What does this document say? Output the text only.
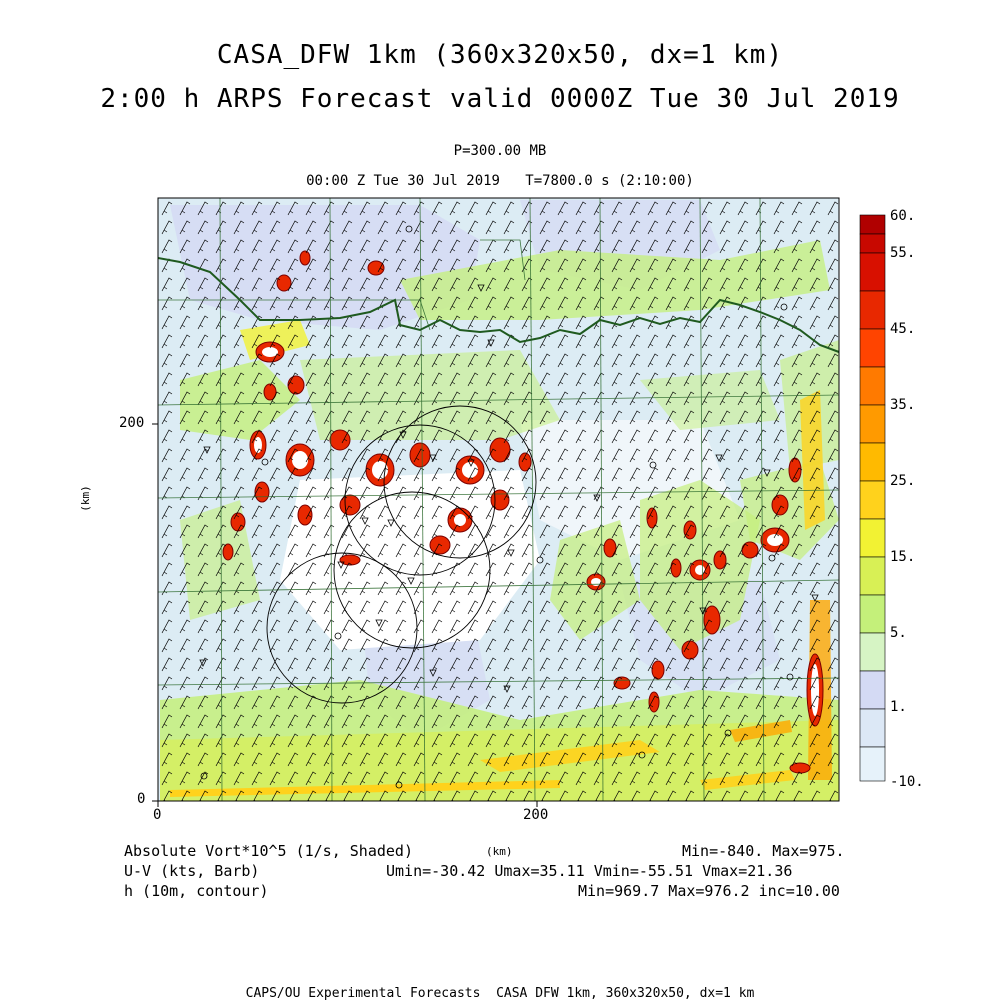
CASA_DFW 1km (360x320x50, dx=1 km)
2:00 h ARPS Forecast valid 0000Z Tue 30 Jul 2019
P=300.00 MB
00:00 Z Tue 30 Jul 2019   T=7800.0 s (2:10:00)
0	200
0
200
(km)
(km)
60.
55.
45.
35.
25.
15.
5.
1.
-10.
Absolute Vort*10^5 (1/s, Shaded)
U-V (kts, Barb)
h (10m, contour)
Min=-840. Max=975.
Umin=-30.42 Umax=35.11 Vmin=-55.51 Vmax=21.36
Min=969.7 Max=976.2 inc=10.00
CAPS/OU Experimental Forecasts  CASA DFW 1km, 360x320x50, dx=1 km
